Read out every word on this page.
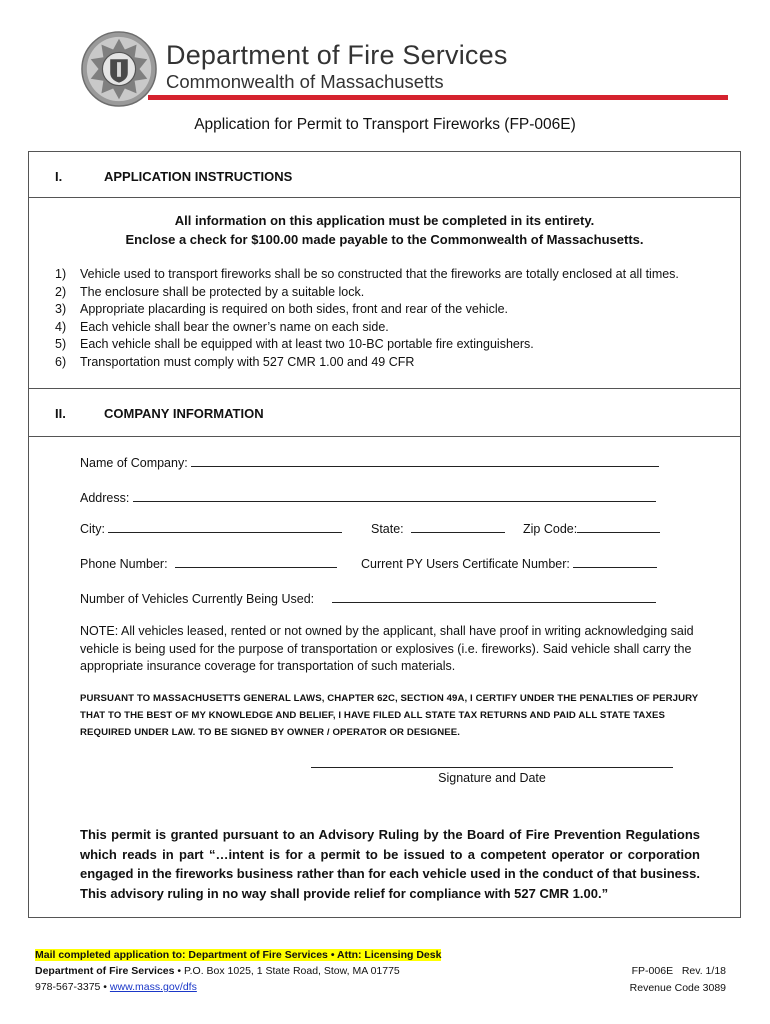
Department of Fire Services
Commonwealth of Massachusetts
Application for Permit to Transport Fireworks (FP-006E)
I.	APPLICATION INSTRUCTIONS
All information on this application must be completed in its entirety.
Enclose a check for $100.00 made payable to the Commonwealth of Massachusetts.
1) Vehicle used to transport fireworks shall be so constructed that the fireworks are totally enclosed at all times.
2) The enclosure shall be protected by a suitable lock.
3) Appropriate placarding is required on both sides, front and rear of the vehicle.
4) Each vehicle shall bear the owner’s name on each side.
5) Each vehicle shall be equipped with at least two 10-BC portable fire extinguishers.
6) Transportation must comply with 527 CMR 1.00 and 49 CFR
II.	COMPANY INFORMATION
Name of Company:
Address:
City:	State:	Zip Code:
Phone Number:	Current PY Users Certificate Number:
Number of Vehicles Currently Being Used:
NOTE: All vehicles leased, rented or not owned by the applicant, shall have proof in writing acknowledging said vehicle is being used for the purpose of transportation or explosives (i.e. fireworks). Said vehicle shall carry the appropriate insurance coverage for transportation of such materials.
PURSUANT TO MASSACHUSETTS GENERAL LAWS, CHAPTER 62C, SECTION 49A, I CERTIFY UNDER THE PENALTIES OF PERJURY THAT TO THE BEST OF MY KNOWLEDGE AND BELIEF, I HAVE FILED ALL STATE TAX RETURNS AND PAID ALL STATE TAXES REQUIRED UNDER LAW. TO BE SIGNED BY OWNER / OPERATOR OR DESIGNEE.
Signature and Date
This permit is granted pursuant to an Advisory Ruling by the Board of Fire Prevention Regulations which reads in part “…intent is for a permit to be issued to a competent operator or corporation engaged in the fireworks business rather than for each vehicle used in the conduct of that business. This advisory ruling in no way shall provide relief for compliance with 527 CMR 1.00.”
Mail completed application to: Department of Fire Services • Attn: Licensing Desk
Department of Fire Services • P.O. Box 1025, 1 State Road, Stow, MA 01775
978-567-3375 • www.mass.gov/dfs
FP-006E   Rev. 1/18
Revenue Code 3089
